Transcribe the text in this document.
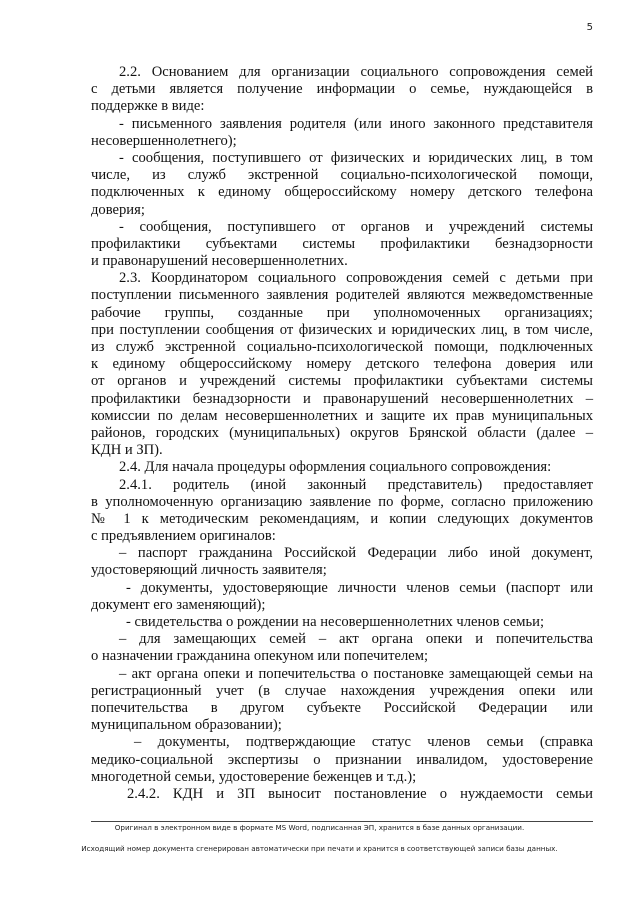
5
2.2. Основанием для организации социального сопровождения семей
с детьми является получение информации о семье, нуждающейся в
поддержке в виде:
- письменного заявления родителя (или иного законного представителя
несовершеннолетнего);
- сообщения, поступившего от физических и юридических лиц, в том
числе, из служб экстренной социально-психологической помощи,
подключенных к единому общероссийскому номеру детского телефона
доверия;
- сообщения, поступившего от органов и учреждений системы
профилактики субъектами системы профилактики безнадзорности
и правонарушений несовершеннолетних.
2.3. Координатором социального сопровождения семей с детьми при
поступлении письменного заявления родителей являются межведомственные
рабочие группы, созданные при уполномоченных организациях;
при поступлении сообщения от физических и юридических лиц, в том числе,
из служб экстренной социально-психологической помощи, подключенных
к единому общероссийскому номеру детского телефона доверия или
от органов и учреждений системы профилактики субъектами системы
профилактики безнадзорности и правонарушений несовершеннолетних –
комиссии по делам несовершеннолетних и защите их прав муниципальных
районов, городских (муниципальных) округов Брянской области (далее –
КДН и ЗП).
2.4. Для начала процедуры оформления социального сопровождения:
2.4.1. родитель (иной законный представитель) предоставляет
в уполномоченную организацию заявление по форме, согласно приложению
№ 1 к методическим рекомендациям, и копии следующих документов
с предъявлением оригиналов:
– паспорт гражданина Российской Федерации либо иной документ,
удостоверяющий личность заявителя;
- документы, удостоверяющие личности членов семьи (паспорт или
документ его заменяющий);
- свидетельства о рождении на несовершеннолетних членов семьи;
– для замещающих семей – акт органа опеки и попечительства
о назначении гражданина опекуном или попечителем;
– акт органа опеки и попечительства о постановке замещающей семьи на
регистрационный учет (в случае нахождения учреждения опеки или
попечительства в другом субъекте Российской Федерации или
муниципальном образовании);
– документы, подтверждающие статус членов семьи (справка
медико-социальной экспертизы о признании инвалидом, удостоверение
многодетной семьи, удостоверение беженцев и т.д.);
2.4.2. КДН и ЗП выносит постановление о нуждаемости семьи
Оригинал в электронном виде в формате MS Word, подписанная ЭП, хранится в базе данных организации.
Исходящий номер документа сгенерирован автоматически при печати и хранится в соответствующей записи базы данных.
